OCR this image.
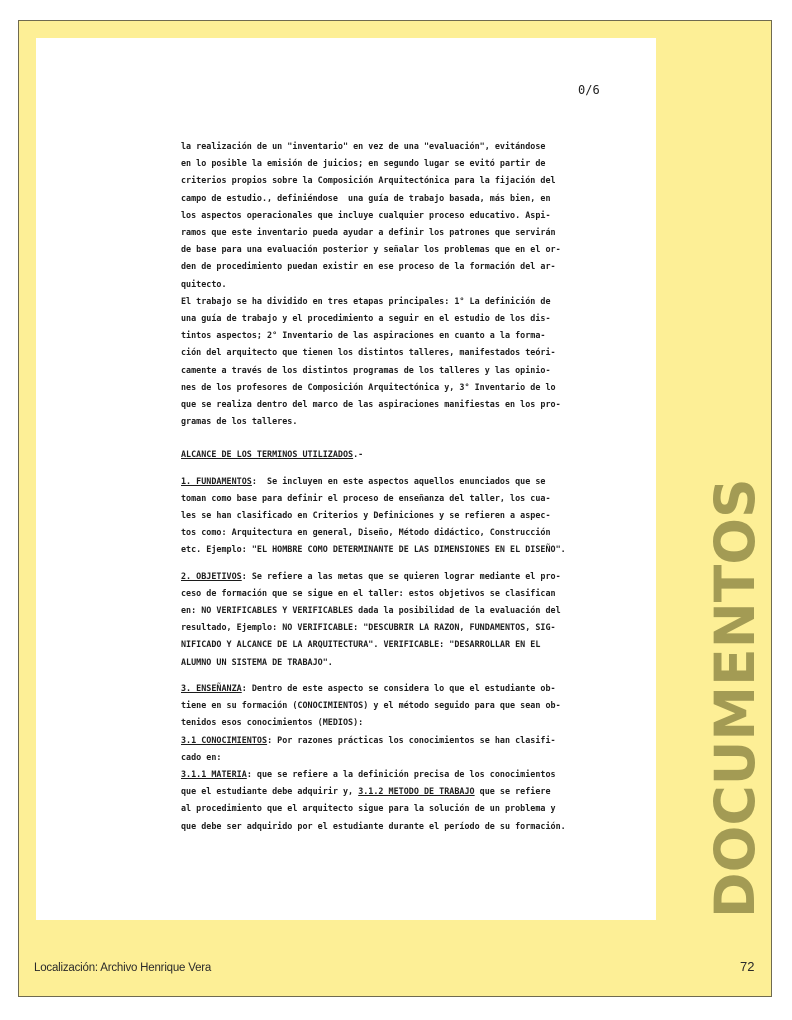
0/6

la realización de un "inventario" en vez de una "evaluación", evitándose

en lo posible la emisión de juicios; en segundo lugar se evitó partir de

criterios propios sobre la Composición Arquitectónica para la fijación del

campo de estudio., definiéndose  una guía de trabajo basada, más bien, en

los aspectos operacionales que incluye cualquier proceso educativo. Aspi-

ramos que este inventario pueda ayudar a definir los patrones que servirán

de base para una evaluación posterior y señalar los problemas que en el or-

den de procedimiento puedan existir en ese proceso de la formación del ar-

quitecto.

El trabajo se ha dividido en tres etapas principales: 1° La definición de

una guía de trabajo y el procedimiento a seguir en el estudio de los dis-

tintos aspectos; 2° Inventario de las aspiraciones en cuanto a la forma-

ción del arquitecto que tienen los distintos talleres, manifestados teóri-

camente a través de los distintos programas de los talleres y las opinio-

nes de los profesores de Composición Arquitectónica y, 3° Inventario de lo

que se realiza dentro del marco de las aspiraciones manifiestas en los pro-

gramas de los talleres.

ALCANCE DE LOS TERMINOS UTILIZADOS.-

1. FUNDAMENTOS:  Se incluyen en este aspectos aquellos enunciados que se

toman como base para definir el proceso de enseñanza del taller, los cua-

les se han clasificado en Criterios y Definiciones y se refieren a aspec-

tos como: Arquitectura en general, Diseño, Método didáctico, Construcción

etc. Ejemplo: "EL HOMBRE COMO DETERMINANTE DE LAS DIMENSIONES EN EL DISEÑO".

2. OBJETIVOS: Se refiere a las metas que se quieren lograr mediante el pro-

ceso de formación que se sigue en el taller: estos objetivos se clasifican

en: NO VERIFICABLES Y VERIFICABLES dada la posibilidad de la evaluación del

resultado, Ejemplo: NO VERIFICABLE: "DESCUBRIR LA RAZON, FUNDAMENTOS, SIG-

NIFICADO Y ALCANCE DE LA ARQUITECTURA". VERIFICABLE: "DESARROLLAR EN EL

ALUMNO UN SISTEMA DE TRABAJO".

3. ENSEÑANZA: Dentro de este aspecto se considera lo que el estudiante ob-

tiene en su formación (CONOCIMIENTOS) y el método seguido para que sean ob-

tenidos esos conocimientos (MEDIOS):

3.1 CONOCIMIENTOS: Por razones prácticas los conocimientos se han clasifi-

cado en:

3.1.1 MATERIA: que se refiere a la definición precisa de los conocimientos

que el estudiante debe adquirir y, 3.1.2 METODO DE TRABAJO que se refiere

al procedimiento que el arquitecto sigue para la solución de un problema y

que debe ser adquirido por el estudiante durante el período de su formación.	DOCUMENTOS
Localización: Archivo Henrique Vera	72
